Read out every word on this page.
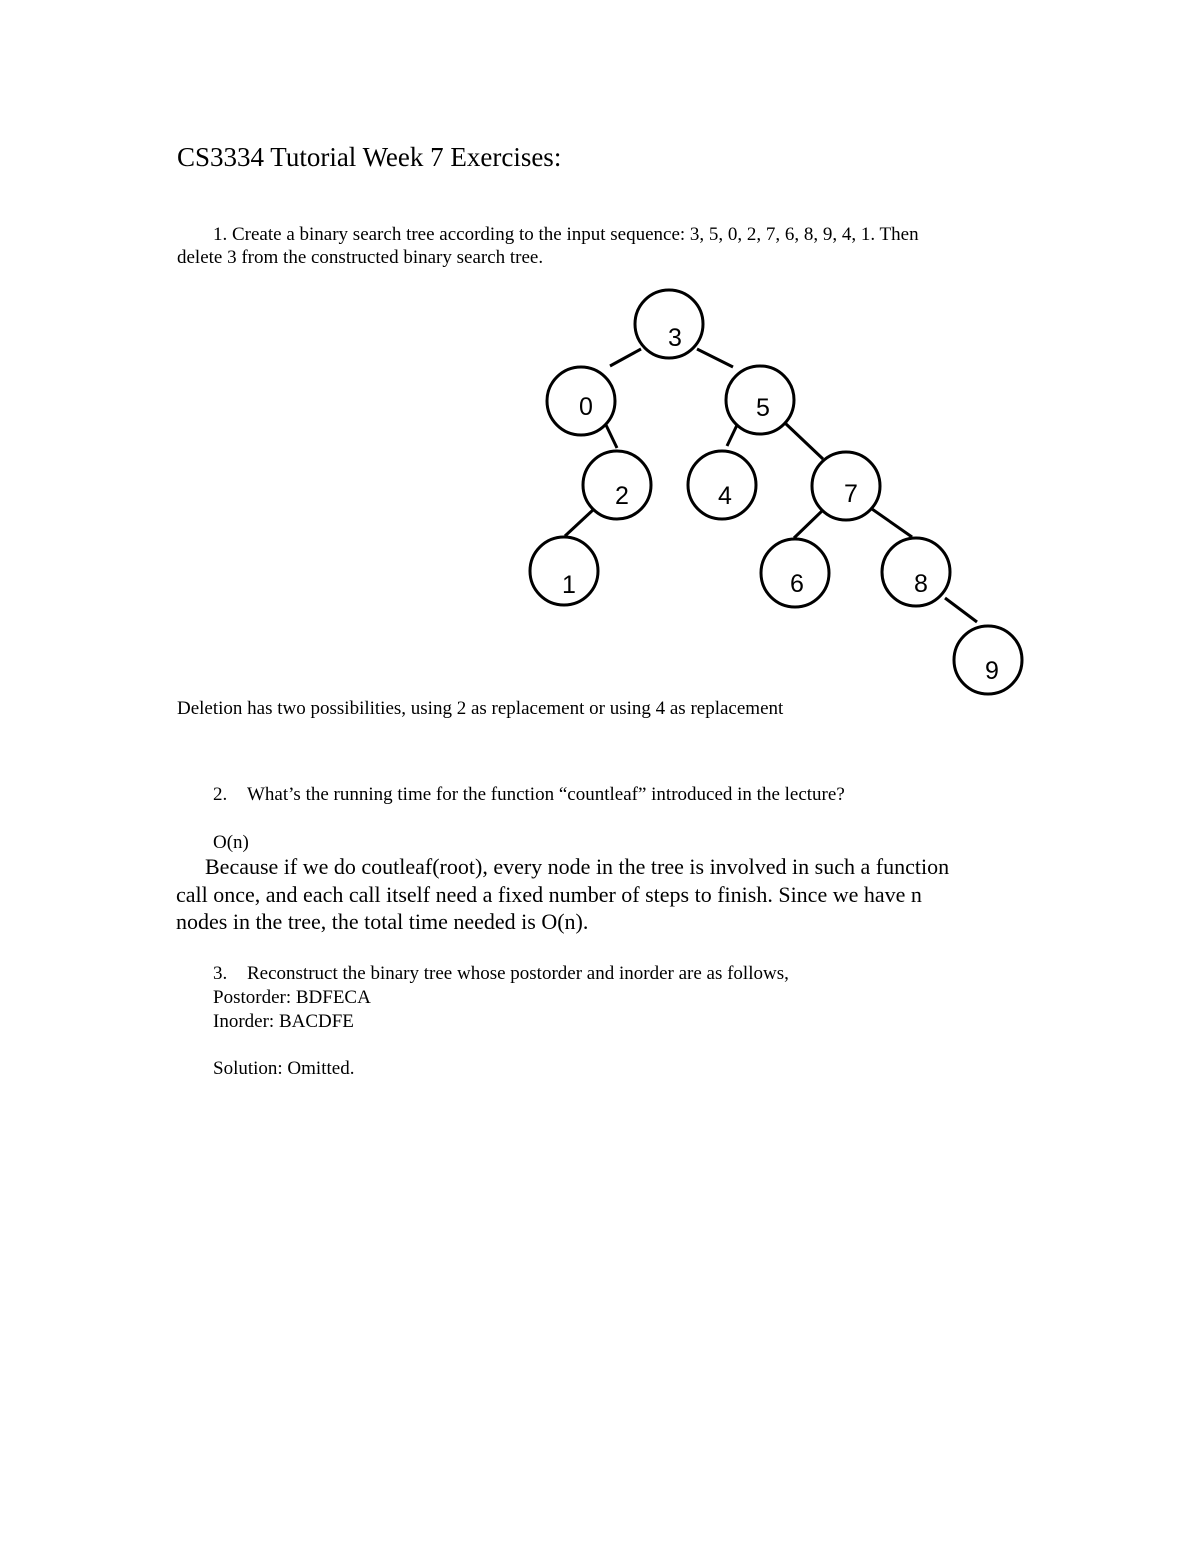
CS3334 Tutorial Week 7 Exercises:
1. Create a binary search tree according to the input sequence: 3, 5, 0, 2, 7, 6, 8, 9, 4, 1. Then
delete 3 from the constructed binary search tree.
3
0	5
2	4	7
1	6	8
9
Deletion has two possibilities, using 2 as replacement or using 4 as replacement
2. What’s the running time for the function “countleaf” introduced in the lecture?
O(n)
Because if we do coutleaf(root), every node in the tree is involved in such a function
call once, and each call itself need a fixed number of steps to finish. Since we have n
nodes in the tree, the total time needed is O(n).
3. Reconstruct the binary tree whose postorder and inorder are as follows,
Postorder: BDFECA
Inorder: BACDFE
Solution: Omitted.
